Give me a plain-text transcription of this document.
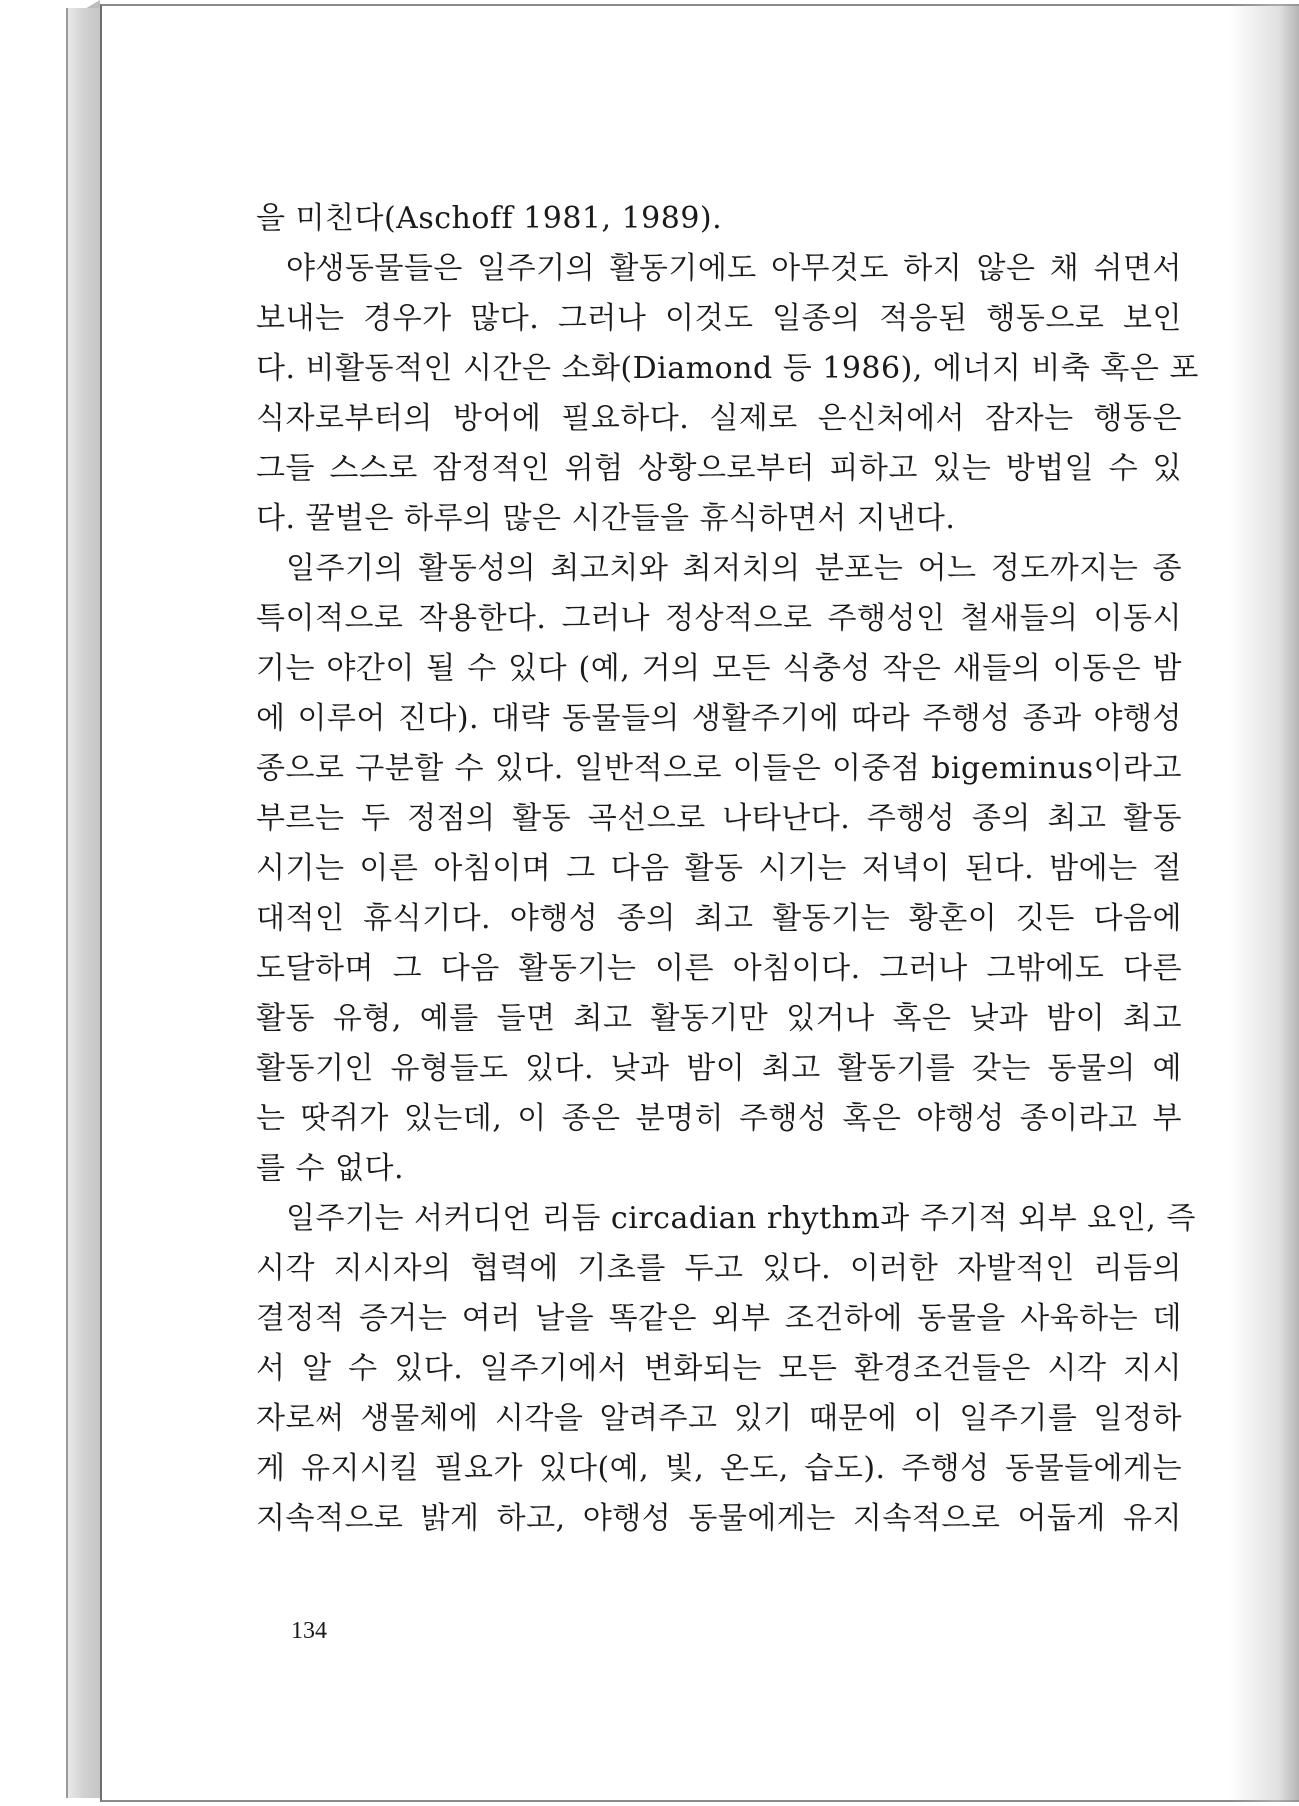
을 미친다(Aschoff 1981, 1989).
야생동물들은 일주기의 활동기에도 아무것도 하지 않은 채 쉬면서
보내는 경우가 많다. 그러나 이것도 일종의 적응된 행동으로 보인
다. 비활동적인 시간은 소화(Diamond 등 1986), 에너지 비축 혹은 포
식자로부터의 방어에 필요하다. 실제로 은신처에서 잠자는 행동은
그들 스스로 잠정적인 위험 상황으로부터 피하고 있는 방법일 수 있
다. 꿀벌은 하루의 많은 시간들을 휴식하면서 지낸다.
일주기의 활동성의 최고치와 최저치의 분포는 어느 정도까지는 종
특이적으로 작용한다. 그러나 정상적으로 주행성인 철새들의 이동시
기는 야간이 될 수 있다 (예, 거의 모든 식충성 작은 새들의 이동은 밤
에 이루어 진다). 대략 동물들의 생활주기에 따라 주행성 종과 야행성
종으로 구분할 수 있다. 일반적으로 이들은 이중점 bigeminus이라고
부르는 두 정점의 활동 곡선으로 나타난다. 주행성 종의 최고 활동
시기는 이른 아침이며 그 다음 활동 시기는 저녁이 된다. 밤에는 절
대적인 휴식기다. 야행성 종의 최고 활동기는 황혼이 깃든 다음에
도달하며 그 다음 활동기는 이른 아침이다. 그러나 그밖에도 다른
활동 유형, 예를 들면 최고 활동기만 있거나 혹은 낮과 밤이 최고
활동기인 유형들도 있다. 낮과 밤이 최고 활동기를 갖는 동물의 예
는 땃쥐가 있는데, 이 종은 분명히 주행성 혹은 야행성 종이라고 부
를 수 없다.
일주기는 서커디언 리듬 circadian rhythm과 주기적 외부 요인, 즉
시각 지시자의 협력에 기초를 두고 있다. 이러한 자발적인 리듬의
결정적 증거는 여러 날을 똑같은 외부 조건하에 동물을 사육하는 데
서 알 수 있다. 일주기에서 변화되는 모든 환경조건들은 시각 지시
자로써 생물체에 시각을 알려주고 있기 때문에 이 일주기를 일정하
게 유지시킬 필요가 있다(예, 빛, 온도, 습도). 주행성 동물들에게는
지속적으로 밝게 하고, 야행성 동물에게는 지속적으로 어둡게 유지
134
